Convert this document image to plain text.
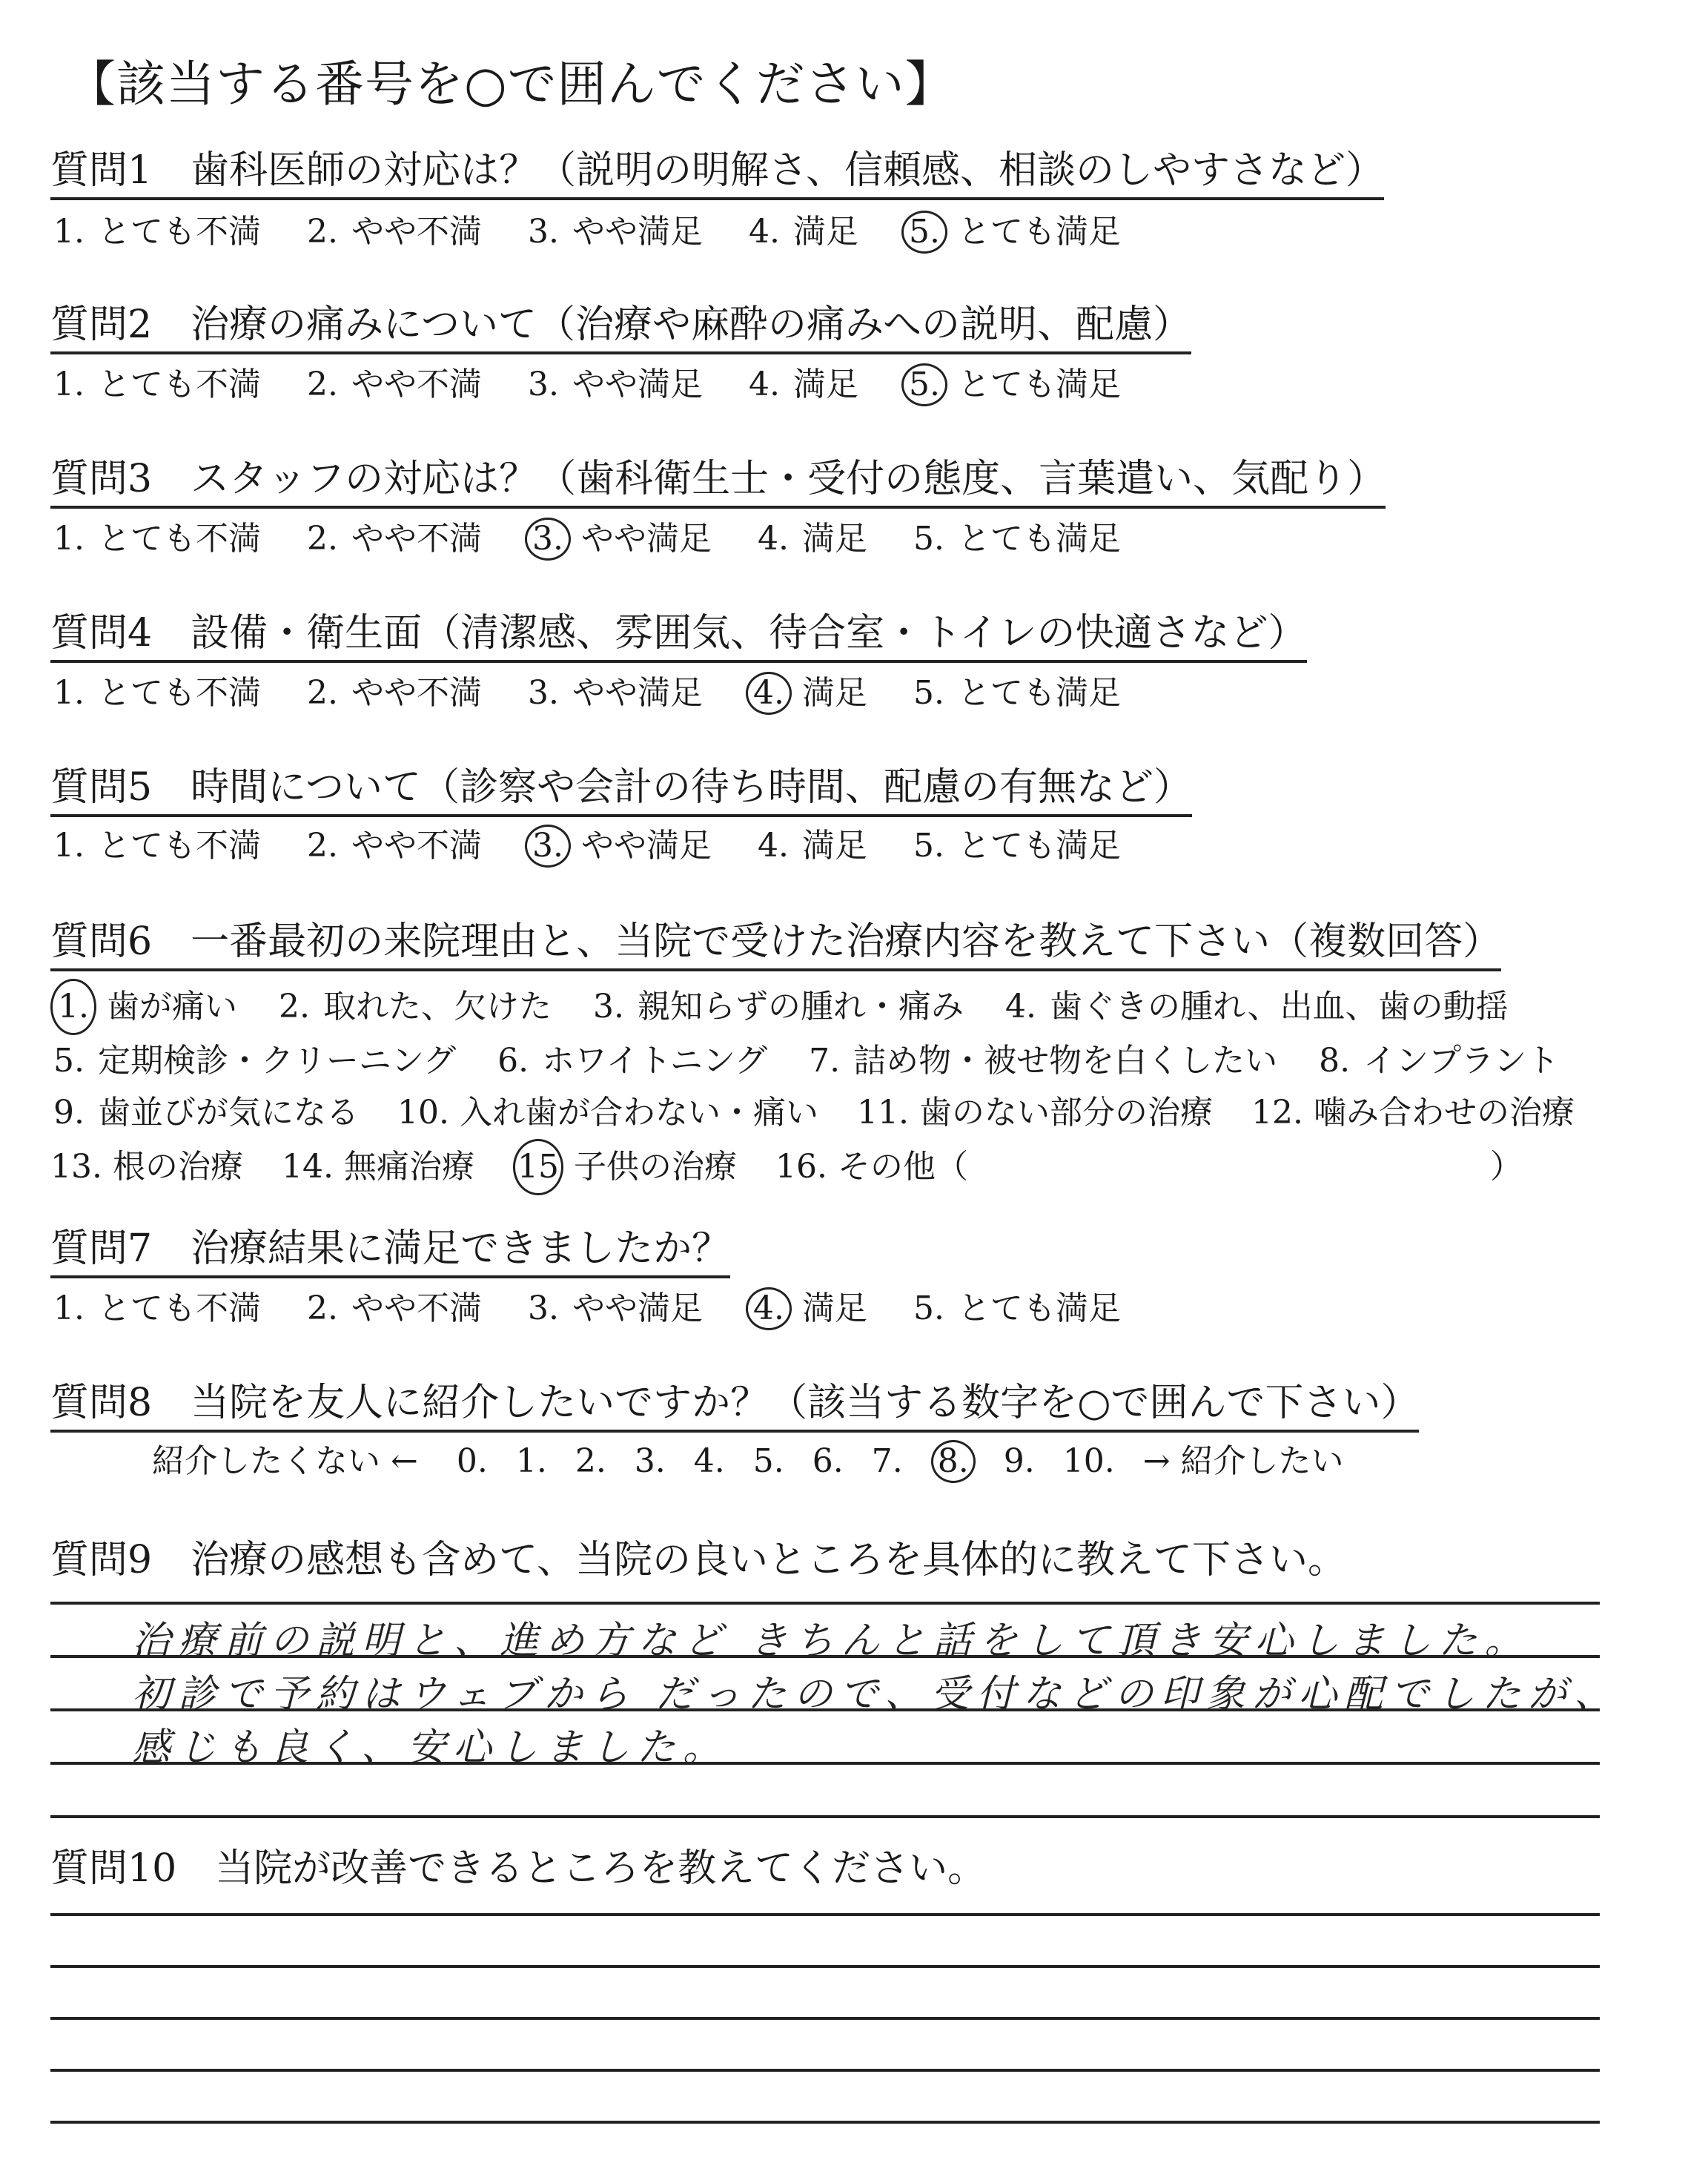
【該当する番号を○で囲んでください】
質問1　歯科医師の対応は？（説明の明解さ、信頼感、相談のしやすさなど）
1. とても不満 2. やや不満 3. やや満足 4. 満足 5. とても満足
質問2　治療の痛みについて（治療や麻酔の痛みへの説明、配慮）
1. とても不満 2. やや不満 3. やや満足 4. 満足 5. とても満足
質問3　スタッフの対応は？（歯科衛生士・受付の態度、言葉遣い、気配り）
1. とても不満 2. やや不満 3. やや満足 4. 満足 5. とても満足
質問4　設備・衛生面（清潔感、雰囲気、待合室・トイレの快適さなど）
1. とても不満 2. やや不満 3. やや満足 4. 満足 5. とても満足
質問5　時間について（診察や会計の待ち時間、配慮の有無など）
1. とても不満 2. やや不満 3. やや満足 4. 満足 5. とても満足
質問6　一番最初の来院理由と、当院で受けた治療内容を教えて下さい（複数回答）
1. 歯が痛い 2. 取れた、欠けた 3. 親知らずの腫れ・痛み 4. 歯ぐきの腫れ、出血、歯の動揺
5. 定期検診・クリーニング 6. ホワイトニング 7. 詰め物・被せ物を白くしたい 8. インプラント
9. 歯並びが気になる 10. 入れ歯が合わない・痛い 11. 歯のない部分の治療 12. 噛み合わせの治療
13. 根の治療 14. 無痛治療 15 子供の治療 16. その他（　　　　　　　　　　　　　　　　）
質問7　治療結果に満足できましたか？
1. とても不満 2. やや不満 3. やや満足 4. 満足 5. とても満足
質問8　当院を友人に紹介したいですか？（該当する数字を○で囲んで下さい）
紹介したくない ← 0. 1. 2. 3. 4. 5. 6. 7. 8. 9. 10. → 紹介したい
質問9　治療の感想も含めて、当院の良いところを具体的に教えて下さい。
治療前の説明と、進め方など きちんと話をして頂き安心しました。
初診で予約はウェブから だったので、受付などの印象が心配でしたが、
感じも良く、安心しました。
質問10　当院が改善できるところを教えてください。
